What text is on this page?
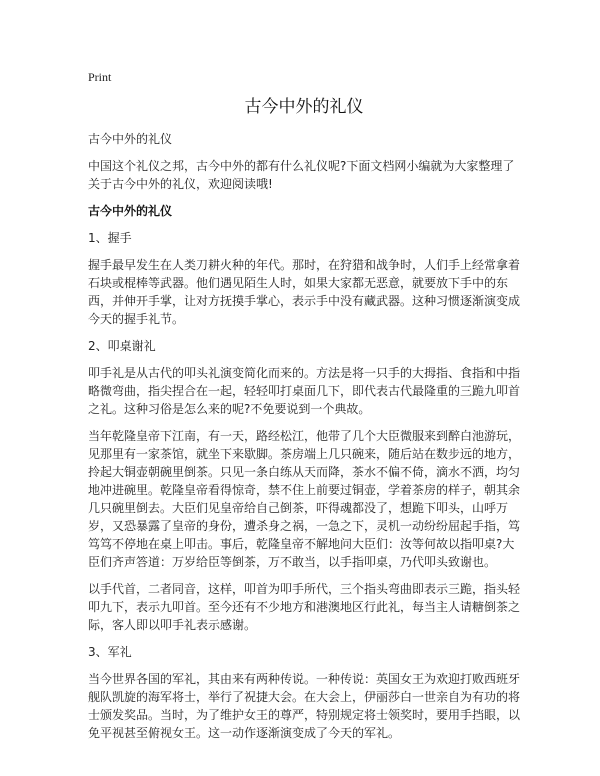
Print
古今中外的礼仪

古今中外的礼仪

中国这个礼仪之邦，古今中外的都有什么礼仪呢?下面文档网小编就为大家整理了关于古今中外的礼仪，欢迎阅读哦!

古今中外的礼仪

1、握手

握手最早发生在人类刀耕火种的年代。那时，在狩猎和战争时，人们手上经常拿着石块或棍棒等武器。他们遇见陌生人时，如果大家都无恶意，就要放下手中的东西，并伸开手掌，让对方抚摸手掌心，表示手中没有藏武器。这种习惯逐渐演变成今天的握手礼节。

2、叩桌谢礼

叩手礼是从古代的叩头礼演变简化而来的。方法是将一只手的大拇指、食指和中指略微弯曲，指尖捏合在一起，轻轻叩打桌面几下，即代表古代最隆重的三跪九叩首之礼。这种习俗是怎么来的呢?不免要说到一个典故。

当年乾隆皇帝下江南，有一天，路经松江，他带了几个大臣微服来到醉白池游玩，见那里有一家茶馆，就坐下来歇脚。茶房端上几只碗来，随后站在数步远的地方，拎起大铜壶朝碗里倒茶。只见一条白练从天而降，茶水不偏不倚，滴水不洒，均匀地冲进碗里。乾隆皇帝看得惊奇，禁不住上前要过铜壶，学着茶房的样子，朝其余几只碗里倒去。大臣们见皇帝给自己倒茶，吓得魂都没了，想跪下叩头，山呼万岁，又恐暴露了皇帝的身份，遭杀身之祸，一急之下，灵机一动纷纷屈起手指，笃笃笃不停地在桌上叩击。事后，乾隆皇帝不解地问大臣们：汝等何故以指叩桌?大臣们齐声答道：万岁给臣等倒茶，万不敢当，以手指叩桌，乃代叩头致谢也。

以手代首，二者同音，这样，叩首为叩手所代，三个指头弯曲即表示三跪，指头轻叩九下，表示九叩首。至今还有不少地方和港澳地区行此礼，每当主人请糖倒茶之际，客人即以叩手礼表示感谢。

3、军礼

当今世界各国的军礼，其由来有两种传说。一种传说：英国女王为欢迎打败西班牙舰队凯旋的海军将士，举行了祝捷大会。在大会上，伊丽莎白一世亲自为有功的将士颁发奖品。当时，为了维护女王的尊严，特别规定将士领奖时，要用手挡眼，以免平视甚至俯视女王。这一动作逐渐演变成了今天的军礼。
